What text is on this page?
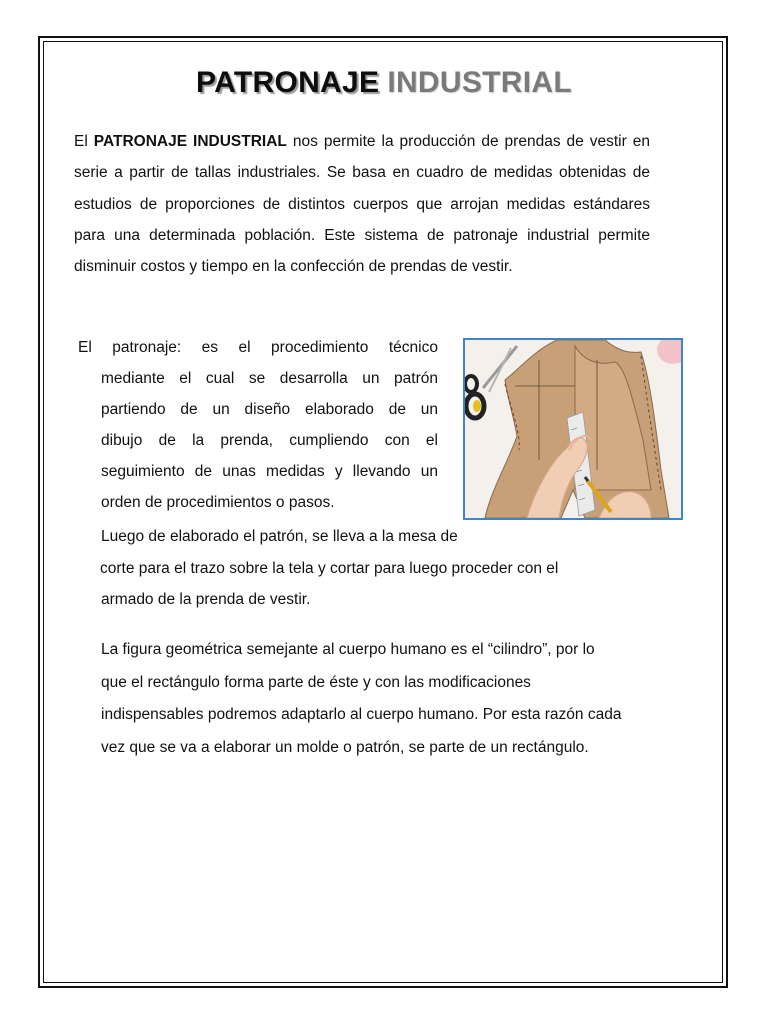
PATRONAJE INDUSTRIAL
El PATRONAJE INDUSTRIAL nos permite la producción de prendas de vestir en serie a partir de tallas industriales. Se basa en cuadro de medidas obtenidas de estudios de proporciones de distintos cuerpos que arrojan medidas estándares para una determinada población. Este sistema de patronaje industrial permite disminuir costos y tiempo en la confección de prendas de vestir.
El patronaje: es el procedimiento técnico
mediante el cual se desarrolla un patrón
partiendo de un diseño elaborado de un
dibujo de la prenda, cumpliendo con el
seguimiento de unas medidas y llevando un
orden de procedimientos o pasos.
Luego de elaborado el patrón, se lleva a la mesa de
corte para el trazo sobre la tela y cortar para luego proceder con el
armado de la prenda de vestir.
La figura geométrica semejante al cuerpo humano es el “cilindro”, por lo
que el rectángulo forma parte de éste y con las modificaciones
indispensables podremos adaptarlo al cuerpo humano. Por esta razón cada
vez que se va a elaborar un molde o patrón, se parte de un rectángulo.
